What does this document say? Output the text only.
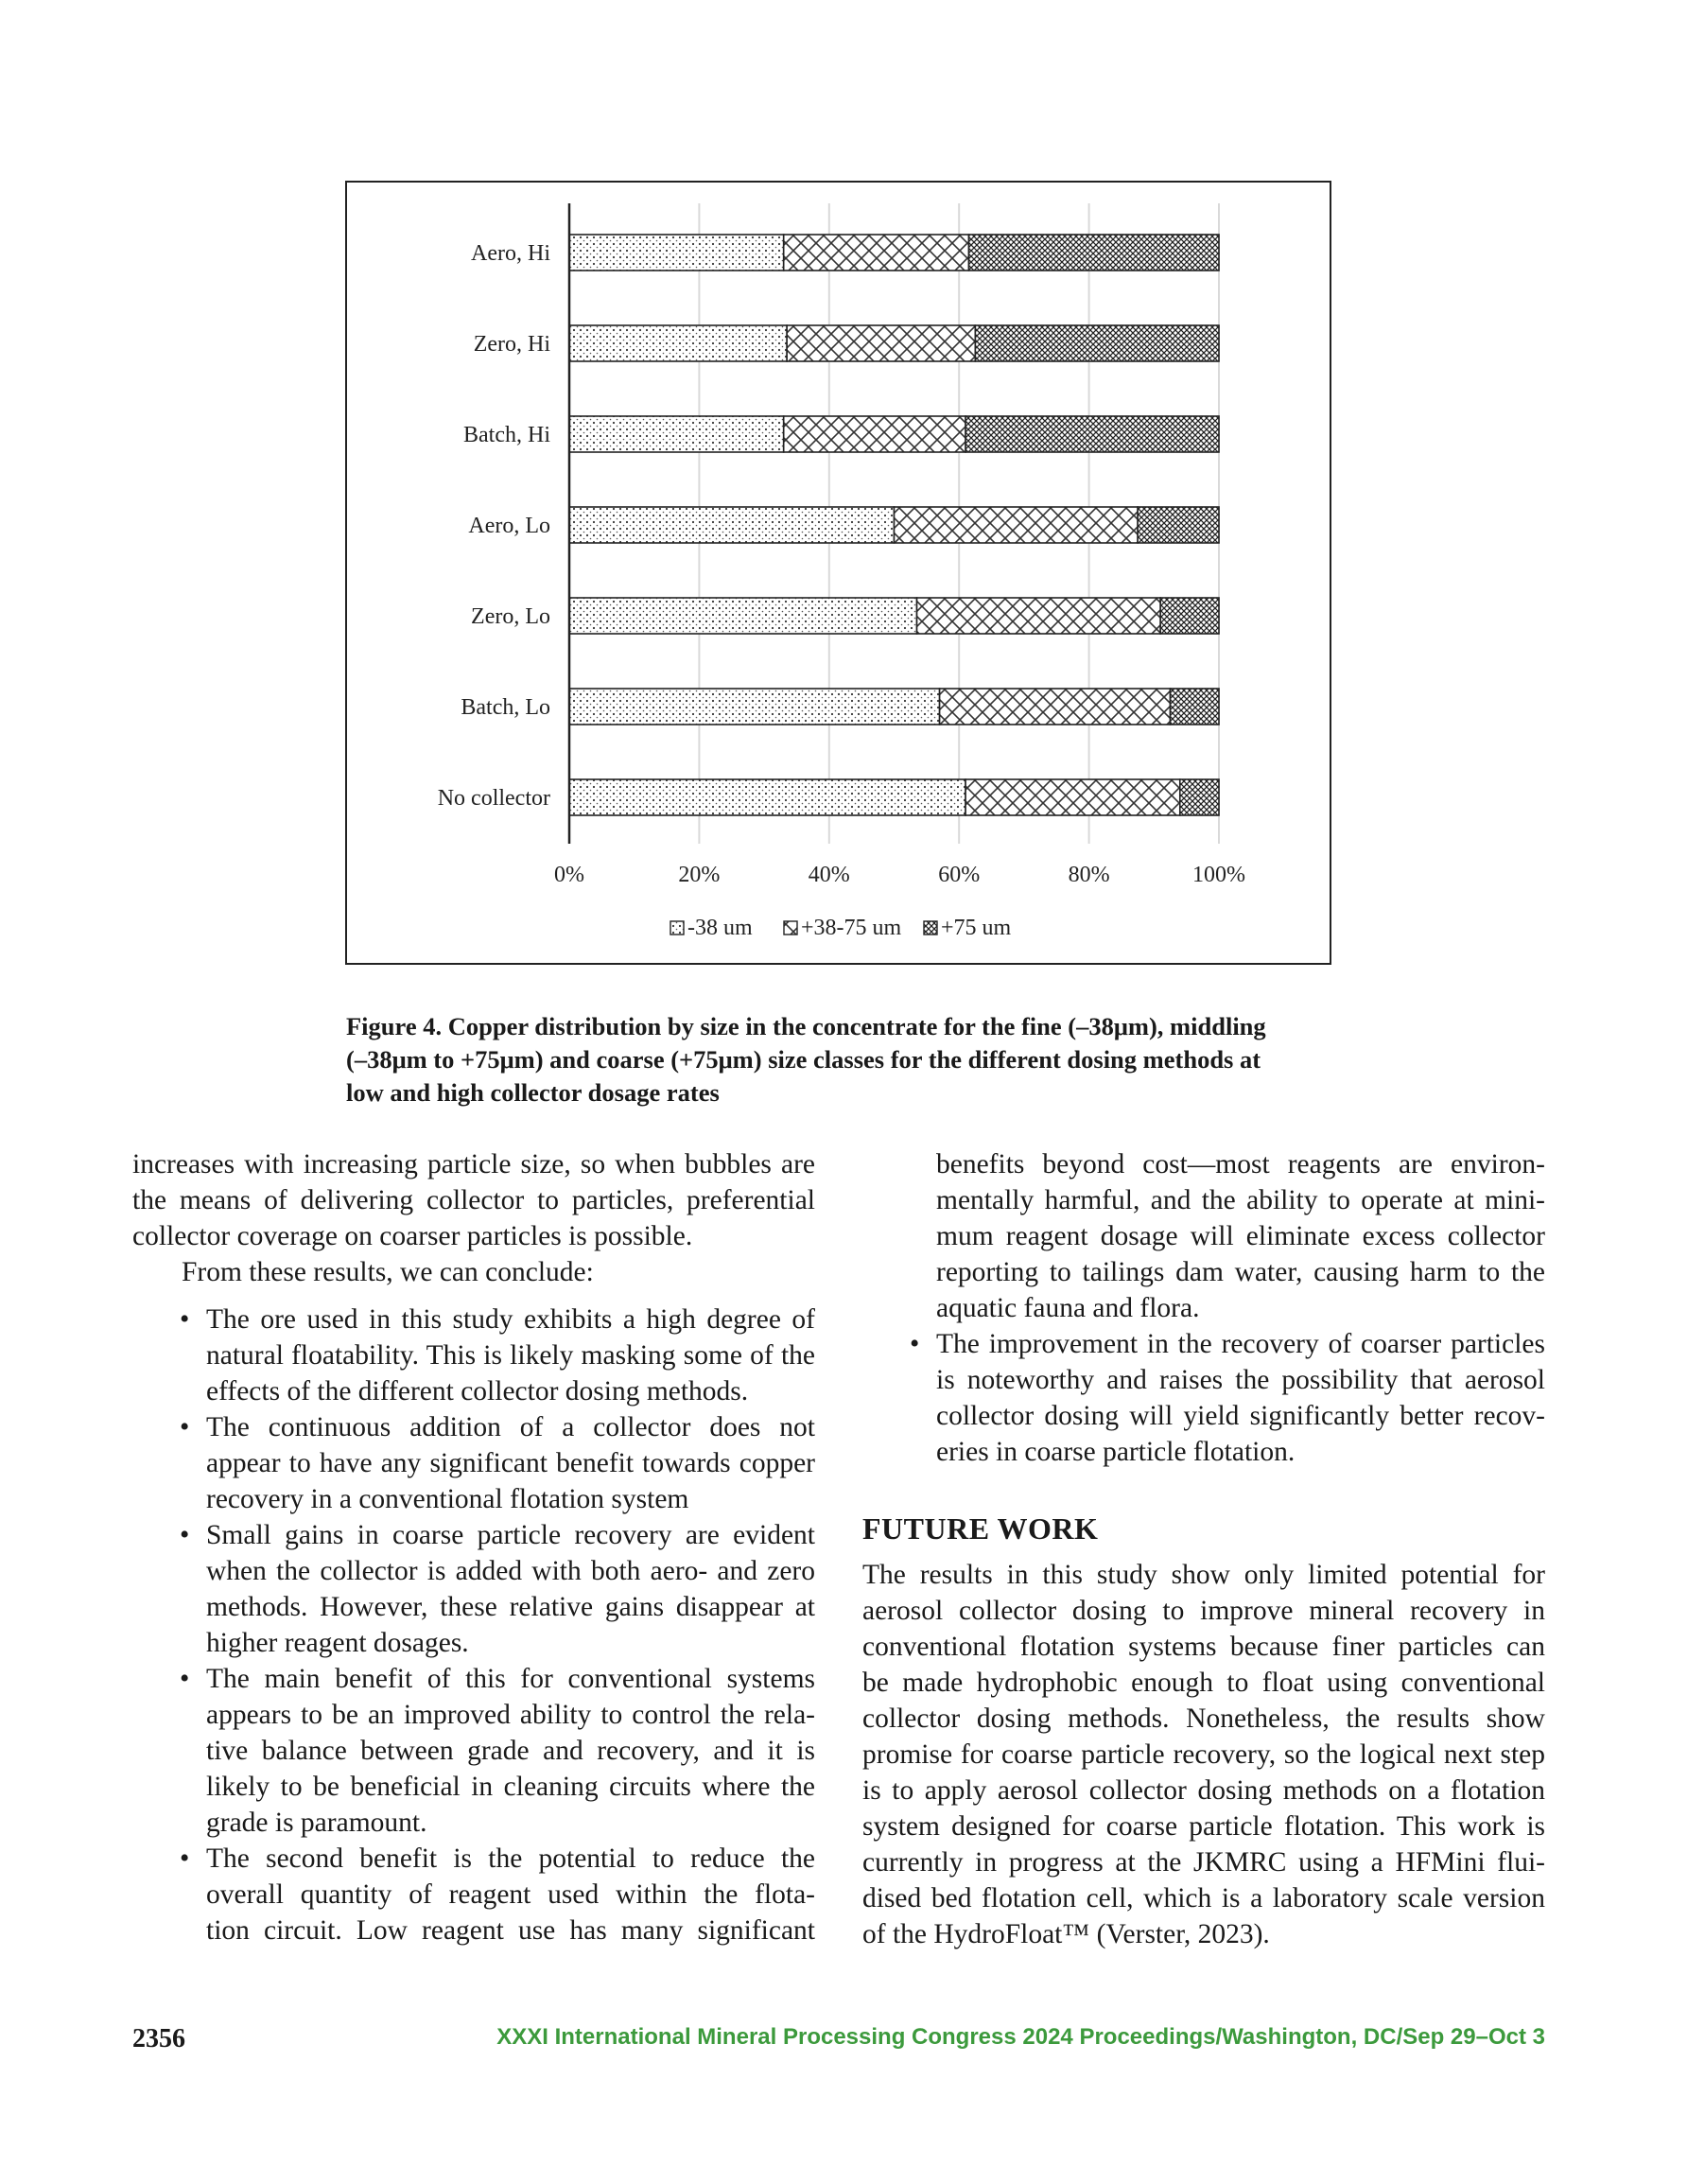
Aero, Hi
Zero, Hi
Batch, Hi
Aero, Lo
Zero, Lo
Batch, Lo
No collector
0%	20%	40%	60%	80%	100%
-38 um +38-75 um +75 um
Figure 4. Copper distribution by size in the concentrate for the fine (–38μm), middling
(–38μm to +75μm) and coarse (+75μm) size classes for the different dosing methods at
low and high collector dosage rates
increases with increasing particle size, so when bubbles are
the means of delivering collector to particles, preferential
collector coverage on coarser particles is possible.
From these results, we can conclude:
• The ore used in this study exhibits a high degree of
natural floatability. This is likely masking some of the
effects of the different collector dosing methods.
• The continuous addition of a collector does not
appear to have any significant benefit towards copper
recovery in a conventional flotation system
• Small gains in coarse particle recovery are evident
when the collector is added with both aero- and zero
methods. However, these relative gains disappear at
higher reagent dosages.
• The main benefit of this for conventional systems
appears to be an improved ability to control the rela-
tive balance between grade and recovery, and it is
likely to be beneficial in cleaning circuits where the
grade is paramount.
• The second benefit is the potential to reduce the
overall quantity of reagent used within the flota-
tion circuit. Low reagent use has many significant
benefits beyond cost—most reagents are environ-
mentally harmful, and the ability to operate at mini-
mum reagent dosage will eliminate excess collector
reporting to tailings dam water, causing harm to the
aquatic fauna and flora.
• The improvement in the recovery of coarser particles
is noteworthy and raises the possibility that aerosol
collector dosing will yield significantly better recov-
eries in coarse particle flotation.
FUTURE WORK
The results in this study show only limited potential for
aerosol collector dosing to improve mineral recovery in
conventional flotation systems because finer particles can
be made hydrophobic enough to float using conventional
collector dosing methods. Nonetheless, the results show
promise for coarse particle recovery, so the logical next step
is to apply aerosol collector dosing methods on a flotation
system designed for coarse particle flotation. This work is
currently in progress at the JKMRC using a HFMini flui-
dised bed flotation cell, which is a laboratory scale version
of the HydroFloat™ (Verster, 2023).
2356	XXXI International Mineral Processing Congress 2024 Proceedings/Washington, DC/Sep 29–Oct 3
